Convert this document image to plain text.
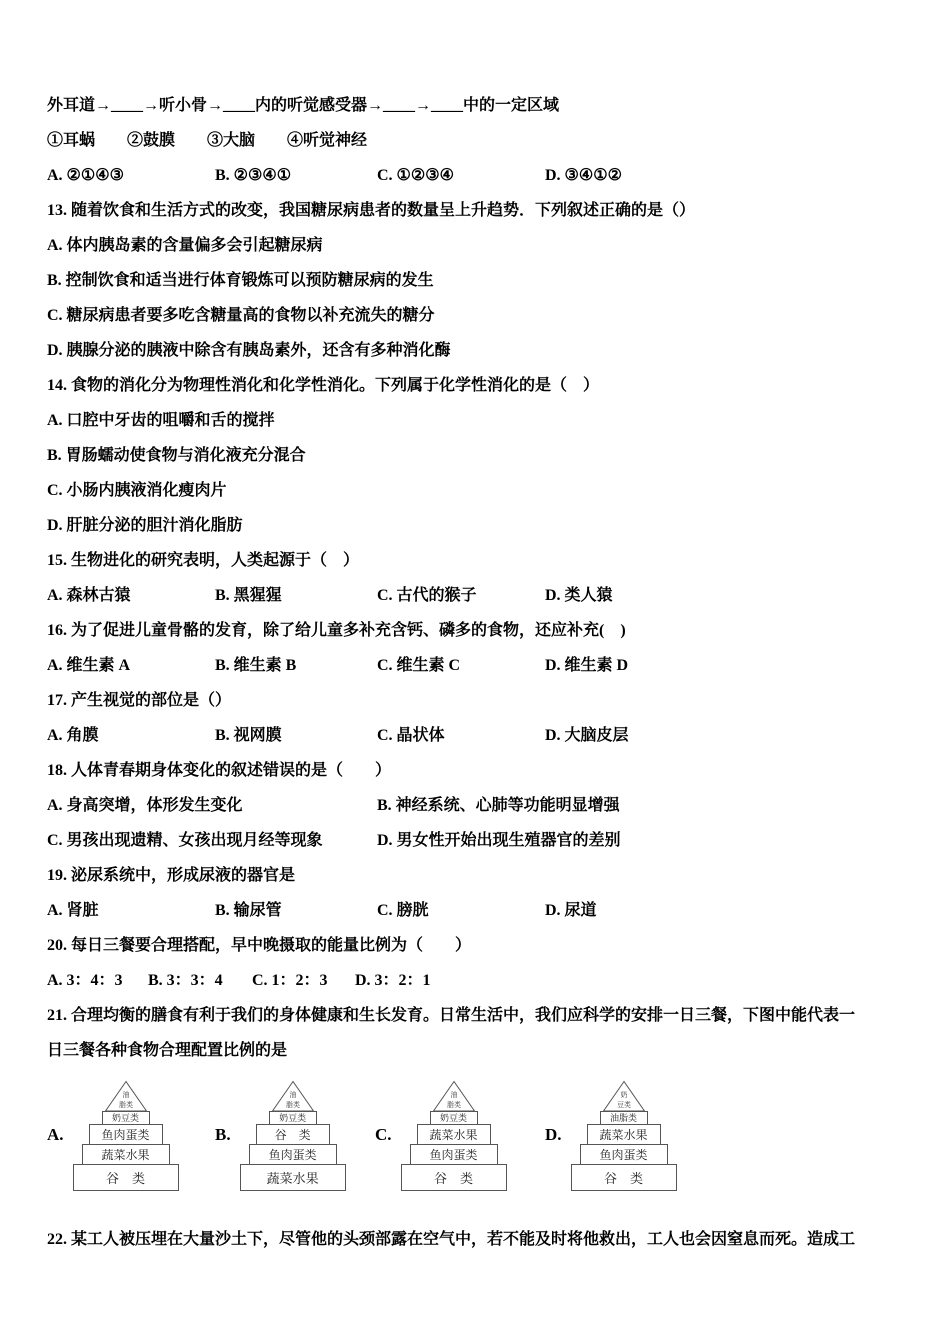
外耳道→____→听小骨→____内的听觉感受器→____→____中的一定区域
①耳蜗　　②鼓膜　　③大脑　　④听觉神经
A. ②①④③	B. ②③④①	C. ①②③④	D. ③④①②
13. 随着饮食和生活方式的改变，我国糖尿病患者的数量呈上升趋势．下列叙述正确的是（）
A. 体内胰岛素的含量偏多会引起糖尿病
B. 控制饮食和适当进行体育锻炼可以预防糖尿病的发生
C. 糖尿病患者要多吃含糖量高的食物以补充流失的糖分
D. 胰腺分泌的胰液中除含有胰岛素外，还含有多种消化酶
14. 食物的消化分为物理性消化和化学性消化。下列属于化学性消化的是（　）
A. 口腔中牙齿的咀嚼和舌的搅拌
B. 胃肠蠕动使食物与消化液充分混合
C. 小肠内胰液消化瘦肉片
D. 肝脏分泌的胆汁消化脂肪
15. 生物进化的研究表明，人类起源于（　）
A. 森林古猿	B. 黑猩猩	C. 古代的猴子	D. 类人猿
16. 为了促进儿童骨骼的发育，除了给儿童多补充含钙、磷多的食物，还应补充(　)
A. 维生素 A	B. 维生素 B	C. 维生素 C	D. 维生素 D
17. 产生视觉的部位是（）
A. 角膜	B. 视网膜	C. 晶状体	D. 大脑皮层
18. 人体青春期身体变化的叙述错误的是（　　）
A. 身高突增，体形发生变化	B. 神经系统、心肺等功能明显增强
C. 男孩出现遗精、女孩出现月经等现象	D. 男女性开始出现生殖器官的差别
19. 泌尿系统中，形成尿液的器官是
A. 肾脏	B. 输尿管	C. 膀胱	D. 尿道
20. 每日三餐要合理搭配，早中晚摄取的能量比例为（　　）
A. 3：4：3	B. 3：3：4	C. 1：2：3	D. 3：2：1
21. 合理均衡的膳食有利于我们的身体健康和生长发育。日常生活中，我们应科学的安排一日三餐，下图中能代表一
日三餐各种食物合理配置比例的是
A.
油
脂类
奶豆类
鱼肉蛋类
蔬菜水果
谷　类
B.
油
脂类
奶豆类
谷　类
鱼肉蛋类
蔬菜水果
C.
油
脂类
奶豆类
蔬菜水果
鱼肉蛋类
谷　类
D.
奶
豆类
油脂类
蔬菜水果
鱼肉蛋类
谷　类
22. 某工人被压埋在大量沙土下，尽管他的头颈部露在空气中，若不能及时将他救出，工人也会因窒息而死。造成工
